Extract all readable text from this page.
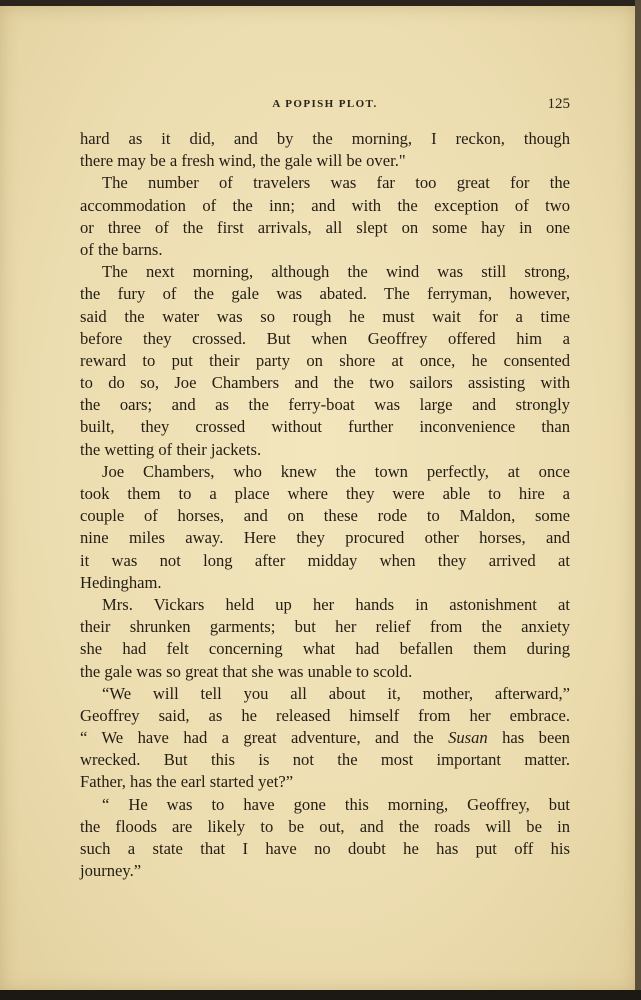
A POPISH PLOT.	125
hard as it did, and by the morning, I reckon, though
there may be a fresh wind, the gale will be over."
The number of travelers was far too great for the
accommodation of the inn; and with the exception of two
or three of the first arrivals, all slept on some hay in one
of the barns.
The next morning, although the wind was still strong,
the fury of the gale was abated. The ferryman, however,
said the water was so rough he must wait for a time
before they crossed. But when Geoffrey offered him a
reward to put their party on shore at once, he consented
to do so, Joe Chambers and the two sailors assisting with
the oars; and as the ferry-boat was large and strongly
built, they crossed without further inconvenience than
the wetting of their jackets.
Joe Chambers, who knew the town perfectly, at once
took them to a place where they were able to hire a
couple of horses, and on these rode to Maldon, some
nine miles away. Here they procured other horses, and
it was not long after midday when they arrived at
Hedingham.
Mrs. Vickars held up her hands in astonishment at
their shrunken garments; but her relief from the anxiety
she had felt concerning what had befallen them during
the gale was so great that she was unable to scold.
“We will tell you all about it, mother, afterward,”
Geoffrey said, as he released himself from her embrace.
“ We have had a great adventure, and the Susan has been
wrecked. But this is not the most important matter.
Father, has the earl started yet?”
“ He was to have gone this morning, Geoffrey, but
the floods are likely to be out, and the roads will be in
such a state that I have no doubt he has put off his
journey.”
